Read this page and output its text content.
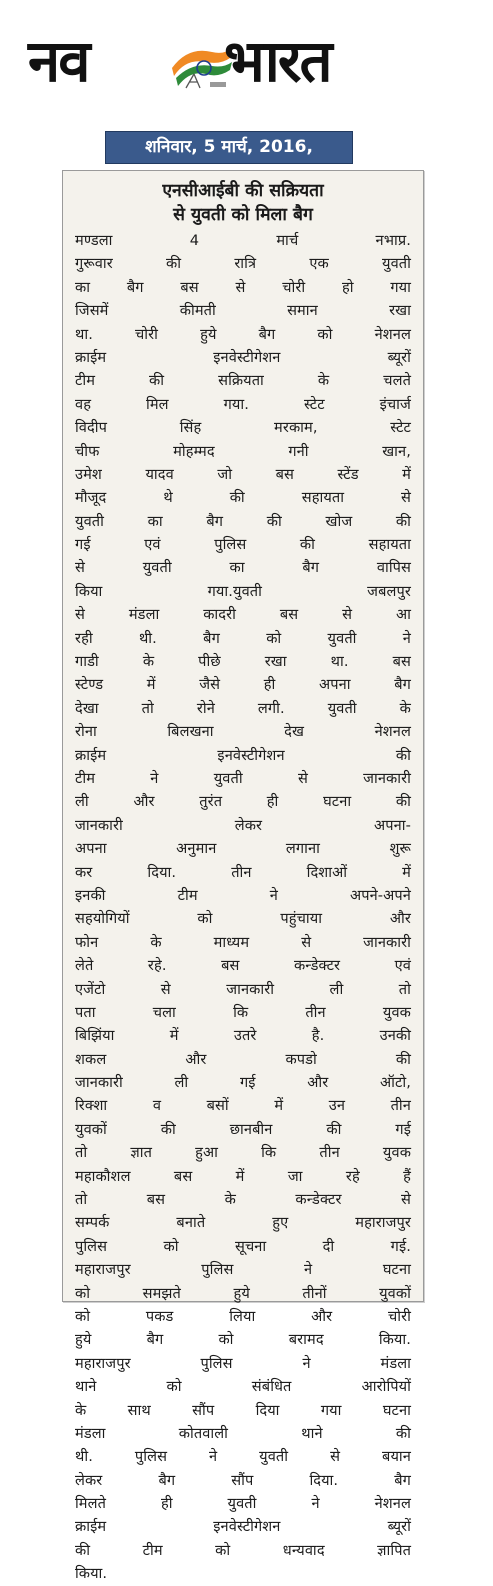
नव भारत
शनिवार, 5 मार्च, 2016,
एनसीआईबी की सक्रियता
से युवती को मिला बैग
मण्डला 4 मार्च नभाप्र.
गुरूवार की रात्रि एक युवती
का बैग बस से चोरी हो गया
जिसमें कीमती समान रखा
था. चोरी हुये बैग को नेशनल
क्राईम इनवेस्टीगेशन ब्यूरों
टीम की सक्रियता के चलते
वह मिल गया. स्टेट इंचार्ज
विदीप सिंह मरकाम, स्टेट
चीफ मोहम्मद गनी खान,
उमेश यादव जो बस स्टेंड में
मौजूद थे की सहायता से
युवती का बैग की खोज की
गई एवं पुलिस की सहायता
से युवती का बैग वापिस
किया गया.युवती जबलपुर
से मंडला कादरी बस से आ
रही थी. बैग को युवती ने
गाडी के पीछे रखा था. बस
स्टेण्ड में जैसे ही अपना बैग
देखा तो रोने लगी. युवती के
रोना बिलखना देख नेशनल
क्राईम इनवेस्टीगेशन की
टीम ने युवती से जानकारी
ली और तुरंत ही घटना की
जानकारी लेकर अपना-
अपना अनुमान लगाना शुरू
कर दिया. तीन दिशाओं में
इनकी टीम ने अपने-अपने
सहयोगियों को पहुंचाया और
फोन के माध्यम से जानकारी
लेते रहे. बस कन्डेक्टर एवं
एजेंटो से जानकारी ली तो
पता चला कि तीन युवक
बिझिंया में उतरे है. उनकी
शकल और कपडो की
जानकारी ली गई और ऑटो,
रिक्शा व बसों में उन तीन
युवकों की छानबीन की गई
तो ज्ञात हुआ कि तीन युवक
महाकौशल बस में जा रहे हैं
तो बस के कन्डेक्टर से
सम्पर्क बनाते हुए महाराजपुर
पुलिस को सूचना दी गई.
महाराजपुर पुलिस ने घटना
को समझते हुये तीनों युवकों
को पकड लिया और चोरी
हुये बैग को बरामद किया.
महाराजपुर पुलिस ने मंडला
थाने को संबंधित आरोपियों
के साथ सौंप दिया गया घटना
मंडला कोतवाली थाने की
थी. पुलिस ने युवती से बयान
लेकर बैग सौंप दिया. बैग
मिलते ही युवती ने नेशनल
क्राईम इनवेस्टीगेशन ब्यूरों
की टीम को धन्यवाद ज्ञापित
किया.
